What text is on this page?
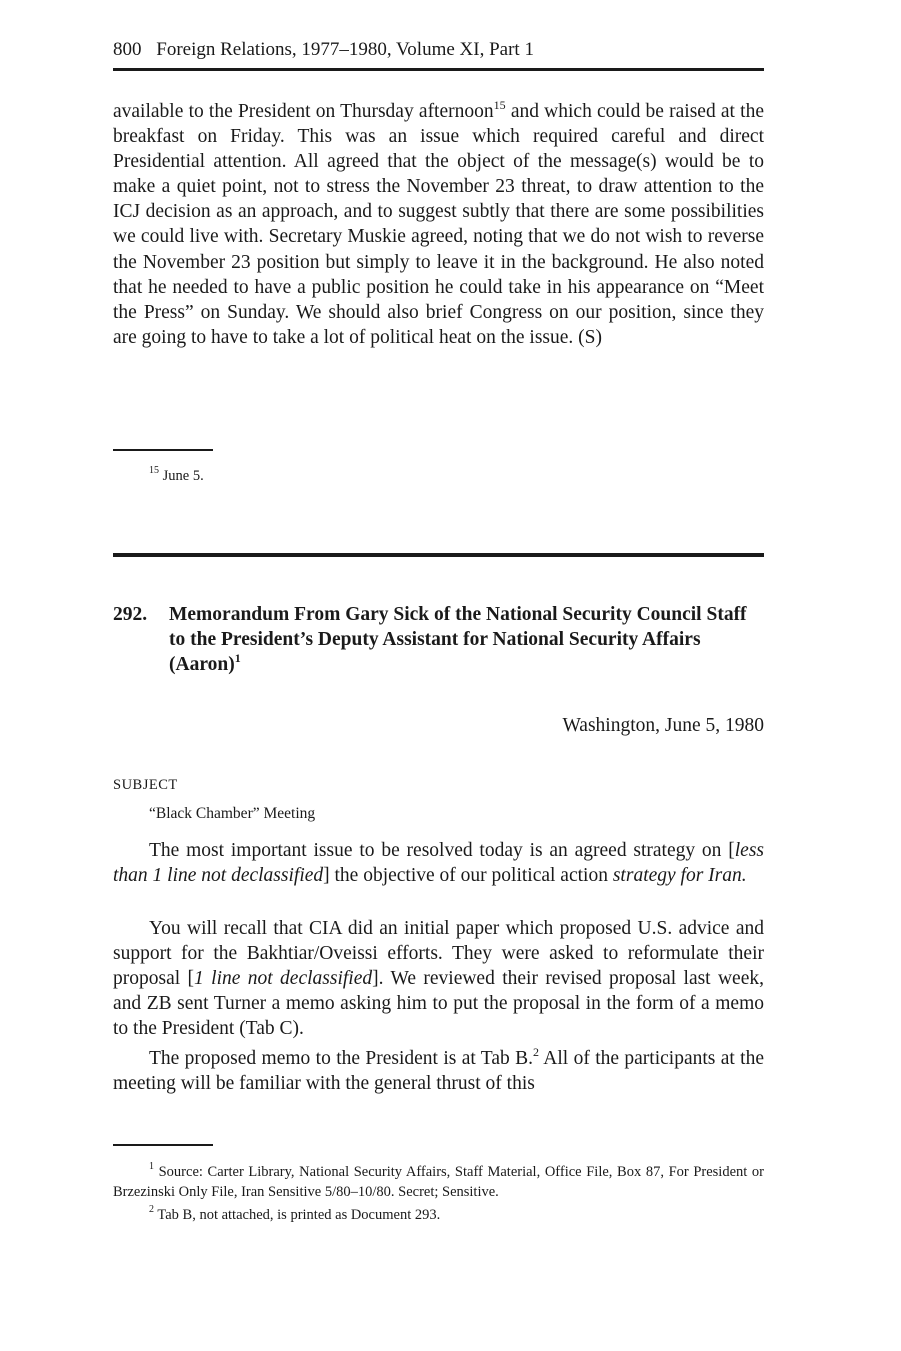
800 Foreign Relations, 1977–1980, Volume XI, Part 1

available to the President on Thursday afternoon$^{15}$ and which could be raised at the breakfast on Friday. This was an issue which required careful and direct Presidential attention. All agreed that the object of the message(s) would be to make a quiet point, not to stress the November 23 threat, to draw attention to the ICJ decision as an approach, and to suggest subtly that there are some possibilities we could live with. Secretary Muskie agreed, noting that we do not wish to reverse the November 23 position but simply to leave it in the background. He also noted that he needed to have a public position he could take in his appearance on “Meet the Press” on Sunday. We should also brief Congress on our position, since they are going to have to take a lot of political heat on the issue. (S)

$^{15}$ June 5.

292. Memorandum From Gary Sick of the National Security Council Staff to the President’s Deputy Assistant for National Security Affairs (Aaron)$^1$
Washington, June 5, 1980
SUBJECT
“Black Chamber” Meeting

The most important issue to be resolved today is an agreed strategy on [less than 1 line not declassified] the objective of our political action strategy for Iran.

You will recall that CIA did an initial paper which proposed U.S. advice and support for the Bakhtiar/Oveissi efforts. They were asked to reformulate their proposal [1 line not declassified]. We reviewed their revised proposal last week, and ZB sent Turner a memo asking him to put the proposal in the form of a memo to the President (Tab C).

The proposed memo to the President is at Tab B.$^2$ All of the participants at the meeting will be familiar with the general thrust of this

$^1$ Source: Carter Library, National Security Affairs, Staff Material, Office File, Box 87, For President or Brzezinski Only File, Iran Sensitive 5/80–10/80. Secret; Sensitive.

$^2$ Tab B, not attached, is printed as Document 293.
